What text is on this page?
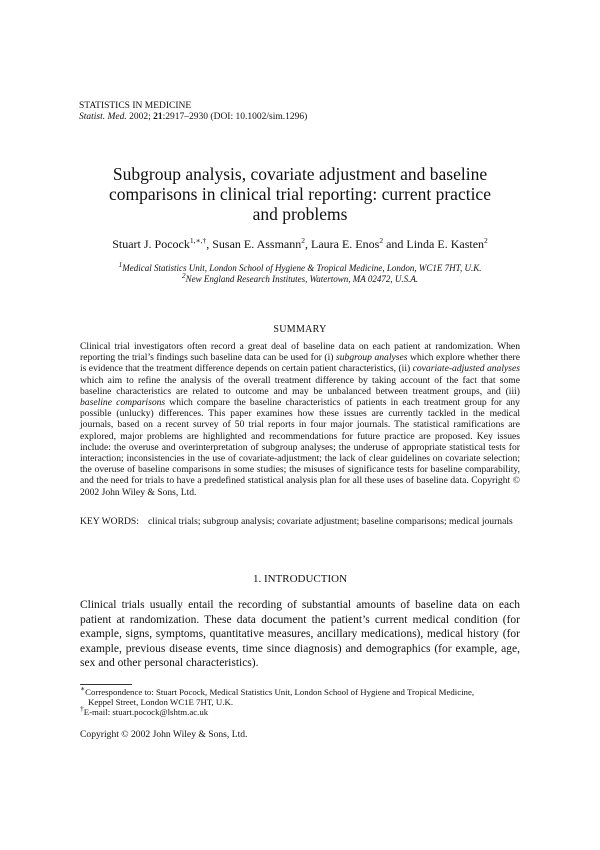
STATISTICS IN MEDICINE
Statist. Med. 2002; 21:2917–2930 (DOI: 10.1002/sim.1296)
Subgroup analysis, covariate adjustment and baseline
comparisons in clinical trial reporting: current practice
and problems
Stuart J. Pocock$^{1,∗,\dagger}$, Susan E. Assmann$^2$, Laura E. Enos$^2$ and Linda E. Kasten$^2$
$^1$Medical Statistics Unit, London School of Hygiene & Tropical Medicine, London, WC1E 7HT, U.K.
$^2$New England Research Institutes, Watertown, MA 02472, U.S.A.
SUMMARY
Clinical trial investigators often record a great deal of baseline data on each patient at randomization. When reporting the trial’s findings such baseline data can be used for (i) subgroup analyses which explore whether there is evidence that the treatment difference depends on certain patient characteristics, (ii) covariate-adjusted analyses which aim to refine the analysis of the overall treatment difference by taking account of the fact that some baseline characteristics are related to outcome and may be unbalanced between treatment groups, and (iii) baseline comparisons which compare the baseline characteristics of patients in each treatment group for any possible (unlucky) differences. This paper examines how these issues are currently tackled in the medical journals, based on a recent survey of 50 trial reports in four major journals. The statistical ramifications are explored, major problems are highlighted and recommendations for future practice are proposed. Key issues include: the overuse and overinterpretation of subgroup analyses; the underuse of appropriate statistical tests for interaction; inconsistencies in the use of covariate-adjustment; the lack of clear guidelines on covariate selection; the overuse of baseline comparisons in some studies; the misuses of significance tests for baseline comparability, and the need for trials to have a predefined statistical analysis plan for all these uses of baseline data. Copyright © 2002 John Wiley & Sons, Ltd.
KEY WORDS: clinical trials; subgroup analysis; covariate adjustment; baseline comparisons; medical journals
1. INTRODUCTION
Clinical trials usually entail the recording of substantial amounts of baseline data on each patient at randomization. These data document the patient’s current medical condition (for example, signs, symptoms, quantitative measures, ancillary medications), medical history (for example, previous disease events, time since diagnosis) and demographics (for example, age, sex and other personal characteristics).
∗Correspondence to: Stuart Pocock, Medical Statistics Unit, London School of Hygiene and Tropical Medicine,
Keppel Street, London WC1E 7HT, U.K.
†E-mail: stuart.pocock@lshtm.ac.uk
Copyright © 2002 John Wiley & Sons, Ltd.
